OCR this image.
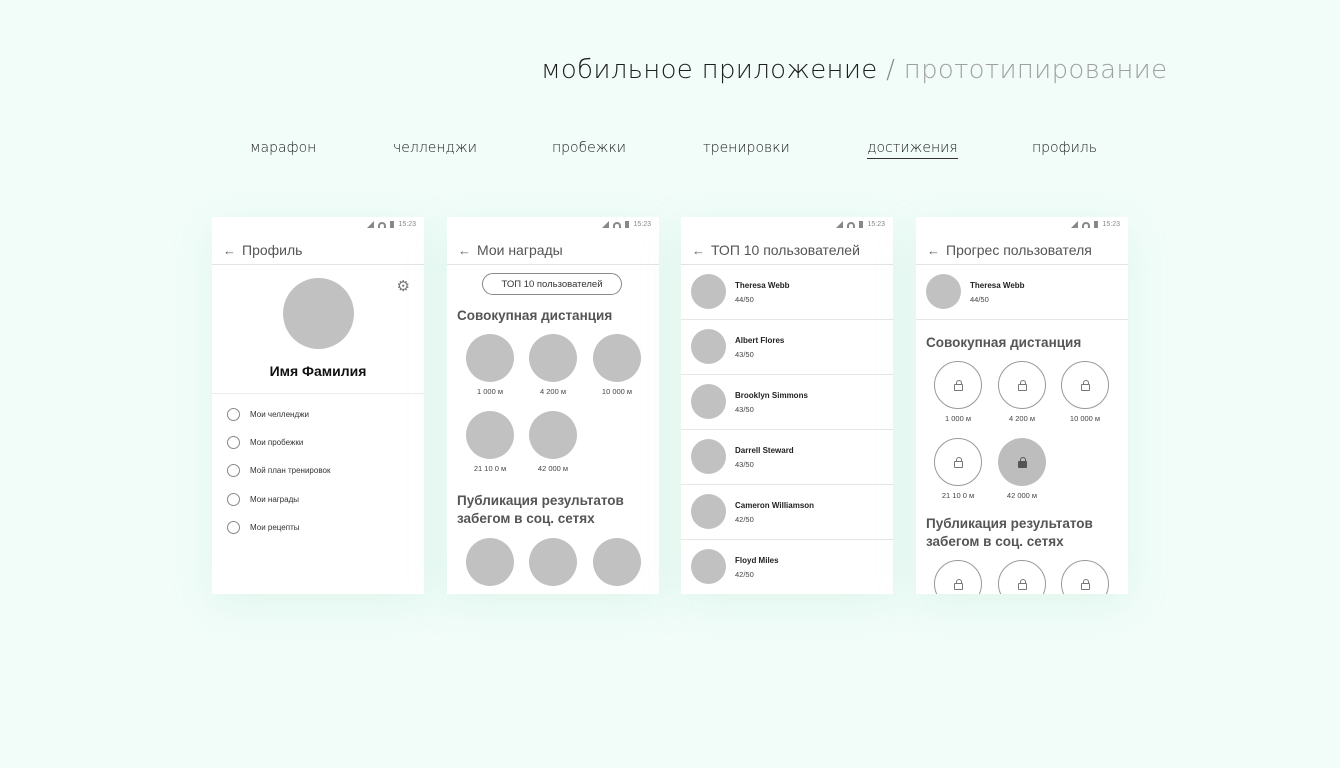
мобильное приложение / прототипирование
марафон	челленджи	пробежки	тренировки	достижения	профиль
15:23
← Профиль
⚙
Имя Фамилия
Мои челленджи
Мои пробежки
Мой план тренировок
Мои награды
Мои рецепты
15:23
← Мои награды
ТОП 10 пользователей
Совокупная дистанция
1 000 м	4 200 м	10 000 м
21 10 0 м	42 000 м
Публикация результатов
забегом в соц. сетях
15:23
← ТОП 10 пользователей
Theresa Webb
44/50
Albert Flores
43/50
Brooklyn Simmons
43/50
Darrell Steward
43/50
Cameron Williamson
42/50
Floyd Miles
42/50
15:23
← Прогрес пользователя
Theresa Webb
44/50
Совокупная дистанция
1 000 м	4 200 м	10 000 м
21 10 0 м	42 000 м
Публикация результатов
забегом в соц. сетях
